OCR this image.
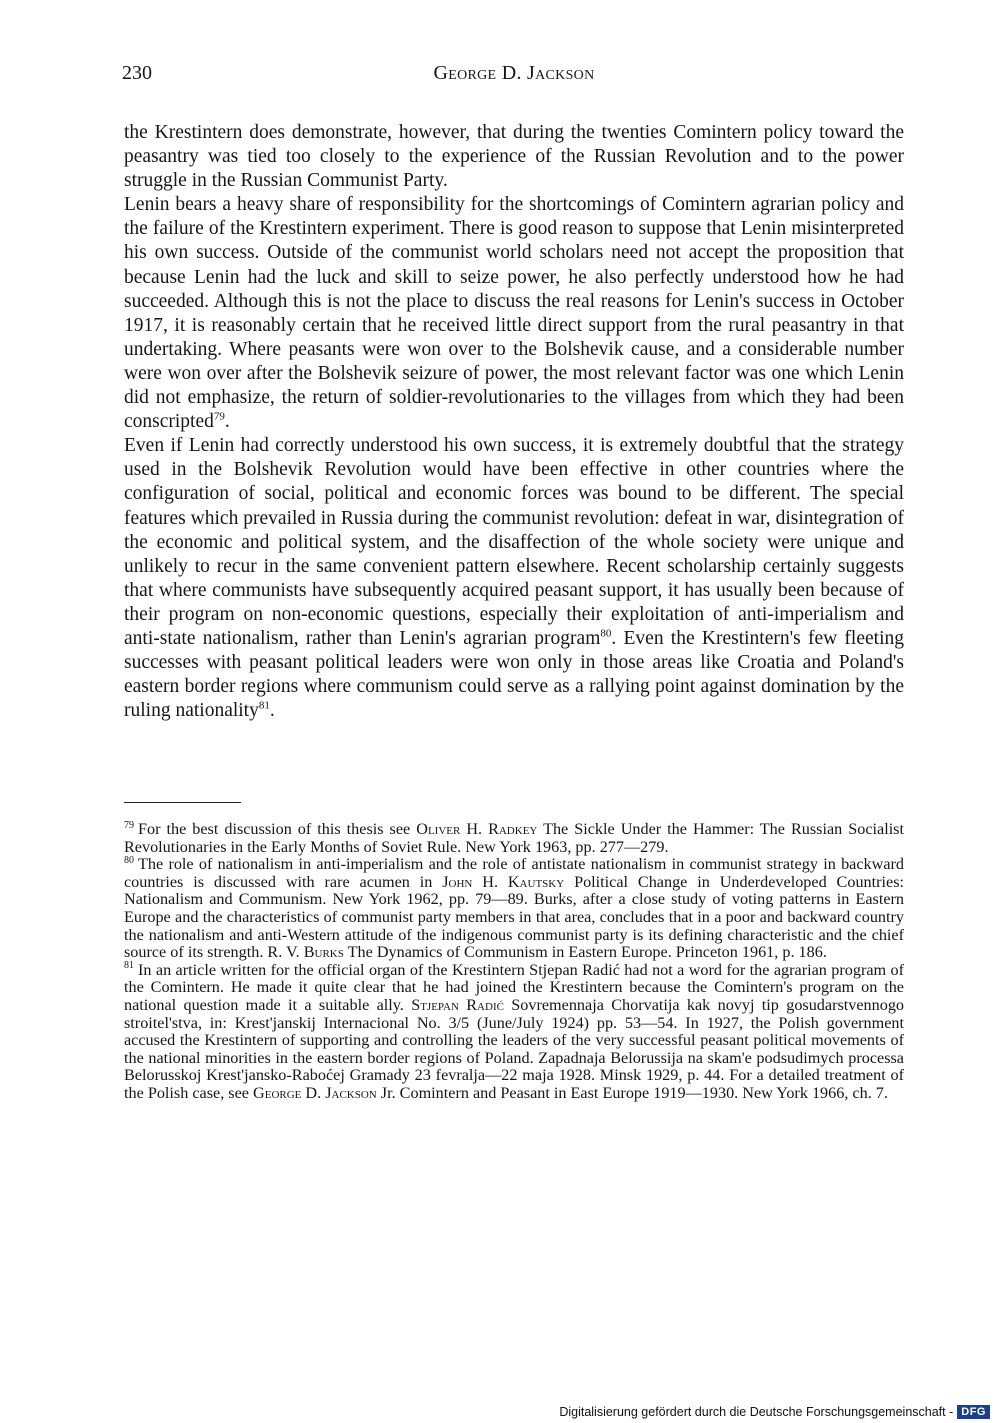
230	George D. Jackson

the Krestintern does demonstrate, however, that during the twenties Comintern policy toward the peasantry was tied too closely to the experience of the Russian Revolution and to the power struggle in the Russian Communist Party.

Lenin bears a heavy share of responsibility for the shortcomings of Comintern agrarian policy and the failure of the Krestintern experiment. There is good reason to suppose that Lenin misinterpreted his own success. Outside of the communist world scholars need not accept the proposition that because Lenin had the luck and skill to seize power, he also perfectly understood how he had succeeded. Although this is not the place to discuss the real reasons for Lenin's success in October 1917, it is reasonably certain that he received little direct support from the rural peasantry in that undertaking. Where peasants were won over to the Bolshevik cause, and a considerable number were won over after the Bolshevik seizure of power, the most relevant factor was one which Lenin did not emphasize, the return of soldier-revolutionaries to the villages from which they had been conscripted$^{79}$.

Even if Lenin had correctly understood his own success, it is extremely doubtful that the strategy used in the Bolshevik Revolution would have been effective in other countries where the configuration of social, political and economic forces was bound to be different. The special features which prevailed in Russia during the communist revolution: defeat in war, disintegration of the economic and political system, and the disaffection of the whole society were unique and unlikely to recur in the same convenient pattern elsewhere. Recent scholarship certainly suggests that where communists have subsequently acquired peasant support, it has usually been because of their program on non-economic questions, especially their exploitation of anti-imperialism and anti-state nationalism, rather than Lenin's agrarian program$^{80}$. Even the Krestintern's few fleeting successes with peasant political leaders were won only in those areas like Croatia and Poland's eastern border regions where communism could serve as a rallying point against domination by the ruling nationality$^{81}$.

$^{79}$ For the best discussion of this thesis see Oliver H. Radkey The Sickle Under the Hammer: The Russian Socialist Revolutionaries in the Early Months of Soviet Rule. New York 1963, pp. 277—279.

$^{80}$ The role of nationalism in anti-imperialism and the role of antistate nationalism in communist strategy in backward countries is discussed with rare acumen in John H. Kautsky Political Change in Underdeveloped Countries: Nationalism and Communism. New York 1962, pp. 79—89. Burks, after a close study of voting patterns in Eastern Europe and the characteristics of communist party members in that area, concludes that in a poor and backward country the nationalism and anti-Western attitude of the indigenous communist party is its defining characteristic and the chief source of its strength. R. V. Burks The Dynamics of Communism in Eastern Europe. Princeton 1961, p. 186.

$^{81}$ In an article written for the official organ of the Krestintern Stjepan Radić had not a word for the agrarian program of the Comintern. He made it quite clear that he had joined the Krestintern because the Comintern's program on the national question made it a suitable ally. Stjepan Radić Sovremennaja Chorvatija kak novyj tip gosudarstvennogo stroitel'stva, in: Krest'janskij Internacional No. 3/5 (June/July 1924) pp. 53—54. In 1927, the Polish government accused the Krestintern of supporting and controlling the leaders of the very successful peasant political movements of the national minorities in the eastern border regions of Poland. Zapadnaja Belorussija na skam'e podsudimych processa Belorusskoj Krest'jansko-Raboćej Gramady 23 fevralja—22 maja 1928. Minsk 1929, p. 44. For a detailed treatment of the Polish case, see George D. Jackson Jr. Comintern and Peasant in East Europe 1919—1930. New York 1966, ch. 7.

Digitalisierung gefördert durch die Deutsche Forschungsgemeinschaft - DFG
